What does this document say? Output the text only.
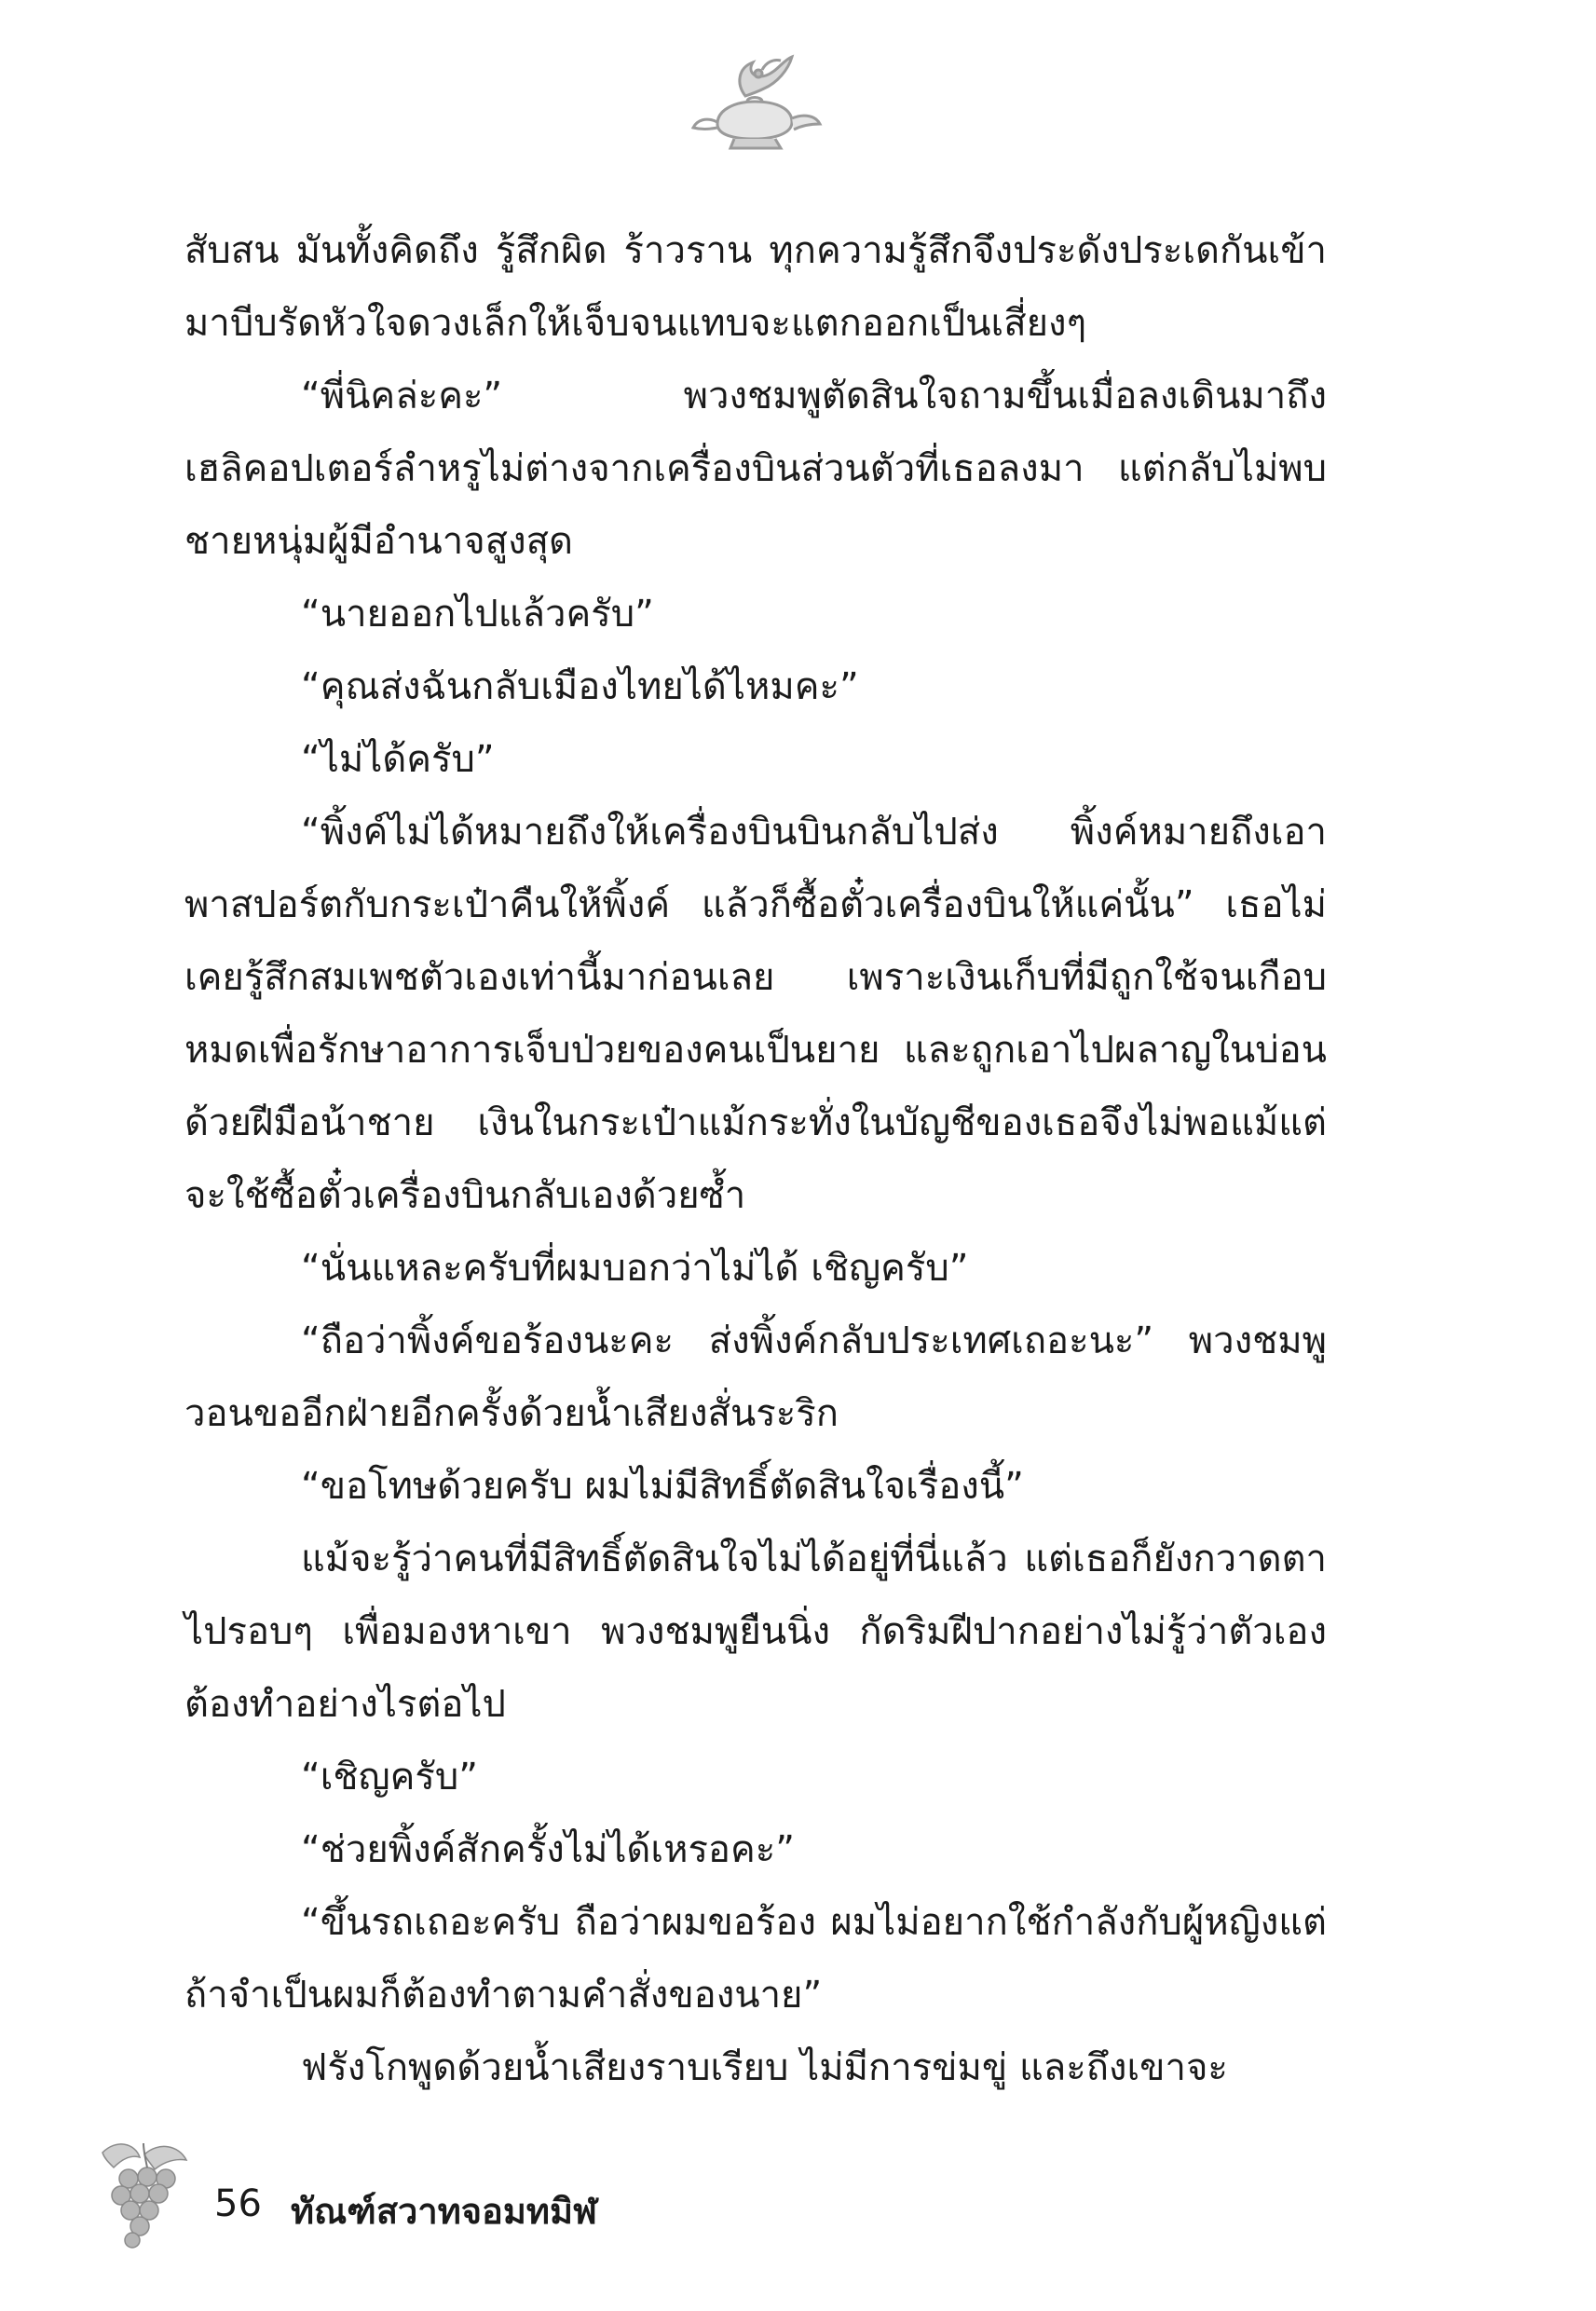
สับสน มันทั้งคิดถึง รู้สึกผิด ร้าวราน ทุกความรู้สึกจึงประดังประเดกันเข้ามาบีบรัดหัวใจดวงเล็กให้เจ็บจนแทบจะแตกออกเป็นเสี่ยงๆ

“พี่นิคล่ะคะ” พวงชมพูตัดสินใจถามขึ้นเมื่อลงเดินมาถึงเฮลิคอปเตอร์ลำหรูไม่ต่างจากเครื่องบินส่วนตัวที่เธอลงมา แต่กลับไม่พบชายหนุ่มผู้มีอำนาจสูงสุด

“นายออกไปแล้วครับ”

“คุณส่งฉันกลับเมืองไทยได้ไหมคะ”

“ไม่ได้ครับ”

“พิ้งค์ไม่ได้หมายถึงให้เครื่องบินบินกลับไปส่ง พิ้งค์หมายถึงเอาพาสปอร์ตกับกระเป๋าคืนให้พิ้งค์ แล้วก็ซื้อตั๋วเครื่องบินให้แค่นั้น” เธอไม่เคยรู้สึกสมเพชตัวเองเท่านี้มาก่อนเลย เพราะเงินเก็บที่มีถูกใช้จนเกือบหมดเพื่อรักษาอาการเจ็บป่วยของคนเป็นยาย และถูกเอาไปผลาญในบ่อนด้วยฝีมือน้าชาย เงินในกระเป๋าแม้กระทั่งในบัญชีของเธอจึงไม่พอแม้แต่จะใช้ซื้อตั๋วเครื่องบินกลับเองด้วยซ้ำ

“นั่นแหละครับที่ผมบอกว่าไม่ได้ เชิญครับ”

“ถือว่าพิ้งค์ขอร้องนะคะ ส่งพิ้งค์กลับประเทศเถอะนะ” พวงชมพูวอนขออีกฝ่ายอีกครั้งด้วยน้ำเสียงสั่นระริก

“ขอโทษด้วยครับ ผมไม่มีสิทธิ์ตัดสินใจเรื่องนี้”

แม้จะรู้ว่าคนที่มีสิทธิ์ตัดสินใจไม่ได้อยู่ที่นี่แล้ว แต่เธอก็ยังกวาดตาไปรอบๆ เพื่อมองหาเขา พวงชมพูยืนนิ่ง กัดริมฝีปากอย่างไม่รู้ว่าตัวเองต้องทำอย่างไรต่อไป

“เชิญครับ”

“ช่วยพิ้งค์สักครั้งไม่ได้เหรอคะ”

“ขึ้นรถเถอะครับ ถือว่าผมขอร้อง ผมไม่อยากใช้กำลังกับผู้หญิงแต่ถ้าจำเป็นผมก็ต้องทำตามคำสั่งของนาย”

ฟรังโกพูดด้วยน้ำเสียงราบเรียบ ไม่มีการข่มขู่ และถึงเขาจะ

56 ทัณฑ์สวาทจอมทมิฬ
